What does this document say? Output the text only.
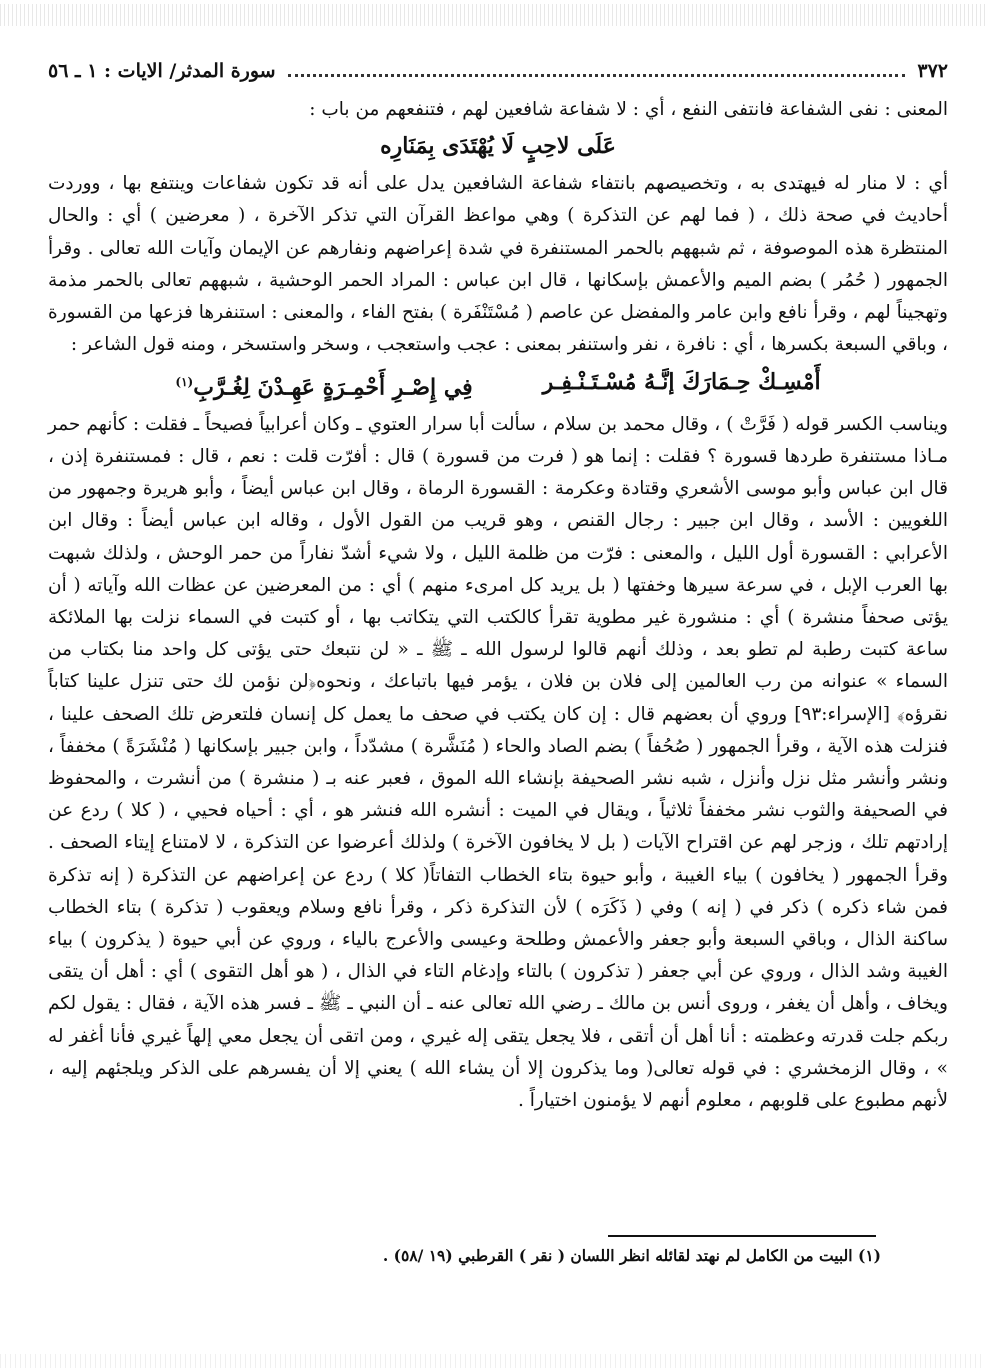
٣٧٢
سورة المدثر/ الايات : ١ ـ ٥٦

المعنى : نفى الشفاعة فانتفى النفع ، أي : لا شفاعة شافعين لهم ، فتنفعهم من باب :

عَلَى لاحِبٍ لَا يُهْتَدَى بِمَنَارِه

أي : لا منار له فيهتدى به ، وتخصيصهم بانتفاء شفاعة الشافعين يدل على أنه قد تكون شفاعات وينتفع بها ، ووردت أحاديث في صحة ذلك ، ( فما لهم عن التذكرة ) وهي مواعظ القرآن التي تذكر الآخرة ، ( معرضين ) أي : والحال المنتظرة هذه الموصوفة ، ثم شبههم بالحمر المستنفرة في شدة إعراضهم ونفارهم عن الإيمان وآيات الله تعالى . وقرأ الجمهور ( حُمُر ) بضم الميم والأعمش بإسكانها ، قال ابن عباس : المراد الحمر الوحشية ، شبههم تعالى بالحمر مذمة وتهجيناً لهم ، وقرأ نافع وابن عامر والمفضل عن عاصم ( مُسْتَنْفَرة ) بفتح الفاء ، والمعنى : استنفرها فزعها من القسورة ، وباقي السبعة بكسرها ، أي : نافرة ، نفر واستنفر بمعنى : عجب واستعجب ، وسخر واستسخر ، ومنه قول الشاعر :

أَمْسِـكْ حِـمَارَكَ إنَّـهُ مُسْـتَـنْـفِـر
فِي إِصْـرِ أَحْمِـرَةٍ عَهِـدْنَ لِغُـرَّبِ$^{(١)}$

ويناسب الكسر قوله ( فَرَّتْ ) ، وقال محمد بن سلام ، سألت أبا سرار العتوي ـ وكان أعرابياً فصيحاً ـ فقلت : كأنهم حمر مـاذا مستنفرة طردها قسورة ؟ فقلت : إنما هو ( فرت من قسورة ) قال : أفرّت قلت : نعم ، قال : فمستنفرة إذن ، قال ابن عباس وأبو موسى الأشعري وقتادة وعكرمة : القسورة الرماة ، وقال ابن عباس أيضاً ، وأبو هريرة وجمهور من اللغويين : الأسد ، وقال ابن جبير : رجال القنص ، وهو قريب من القول الأول ، وقاله ابن عباس أيضاً : وقال ابن الأعرابي : القسورة أول الليل ، والمعنى : فرّت من ظلمة الليل ، ولا شيء أشدّ نفاراً من حمر الوحش ، ولذلك شبهت بها العرب الإبل ، في سرعة سيرها وخفتها ( بل يريد كل امرىء منهم ) أي : من المعرضين عن عظات الله وآياته ( أن يؤتى صحفاً منشرة ) أي : منشورة غير مطوية تقرأ كالكتب التي يتكاتب بها ، أو كتبت في السماء نزلت بها الملائكة ساعة كتبت رطبة لم تطو بعد ، وذلك أنهم قالوا لرسول الله ـ ﷺ ـ « لن نتبعك حتى يؤتى كل واحد منا بكتاب من السماء » عنوانه من رب العالمين إلى فلان بن فلان ، يؤمر فيها باتباعك ، ونحوه﴿لن نؤمن لك حتى تنزل علينا كتاباً نقرؤه﴾ [الإسراء:٩٣] وروي أن بعضهم قال : إن كان يكتب في صحف ما يعمل كل إنسان فلتعرض تلك الصحف علينا ، فنزلت هذه الآية ، وقرأ الجمهور ( صُحُفاً ) بضم الصاد والحاء ( مُنَشَّرة ) مشدّداً ، وابن جبير بإسكانها ( مُنْشَرَةً ) مخففاً ، ونشر وأنشر مثل نزل وأنزل ، شبه نشر الصحيفة بإنشاء الله الموق ، فعبر عنه بـ ( منشرة ) من أنشرت ، والمحفوظ في الصحيفة والثوب نشر مخففاً ثلاثياً ، ويقال في الميت : أنشره الله فنشر هو ، أي : أحياه فحيي ، ( كلا ) ردع عن إرادتهم تلك ، وزجر لهم عن اقتراح الآيات ( بل لا يخافون الآخرة ) ولذلك أعرضوا عن التذكرة ، لا لامتناع إيتاء الصحف . وقرأ الجمهور ( يخافون ) بياء الغيبة ، وأبو حيوة بتاء الخطاب التفاتاً( كلا ) ردع عن إعراضهم عن التذكرة ( إنه تذكرة فمن شاء ذكره ) ذكر في ( إنه ) وفي ( ذَكَرَه ) لأن التذكرة ذكر ، وقرأ نافع وسلام ويعقوب ( تذكرة ) بتاء الخطاب ساكنة الذال ، وباقي السبعة وأبو جعفر والأعمش وطلحة وعيسى والأعرج بالياء ، وروي عن أبي حيوة ( يذكرون ) بياء الغيبة وشد الذال ، وروي عن أبي جعفر ( تذكرون ) بالتاء وإدغام التاء في الذال ، ( هو أهل التقوى ) أي : أهل أن يتقى ويخاف ، وأهل أن يغفر ، وروى أنس بن مالك ـ رضي الله تعالى عنه ـ أن النبي ـ ﷺ ـ فسر هذه الآية ، فقال : يقول لكم ربكم جلت قدرته وعظمته : أنا أهل أن أتقى ، فلا يجعل يتقى إله غيري ، ومن اتقى أن يجعل معي إلهاً غيري فأنا أغفر له » ، وقال الزمخشري : في قوله تعالى( وما يذكرون إلا أن يشاء الله ) يعني إلا أن يفسرهم على الذكر ويلجئهم إليه ، لأنهم مطبوع على قلوبهم ، معلوم أنهم لا يؤمنون اختياراً .

(١) البيت من الكامل لم نهتد لقائله انظر اللسان ( نقر ) القرطبي (١٩ /٥٨) .
